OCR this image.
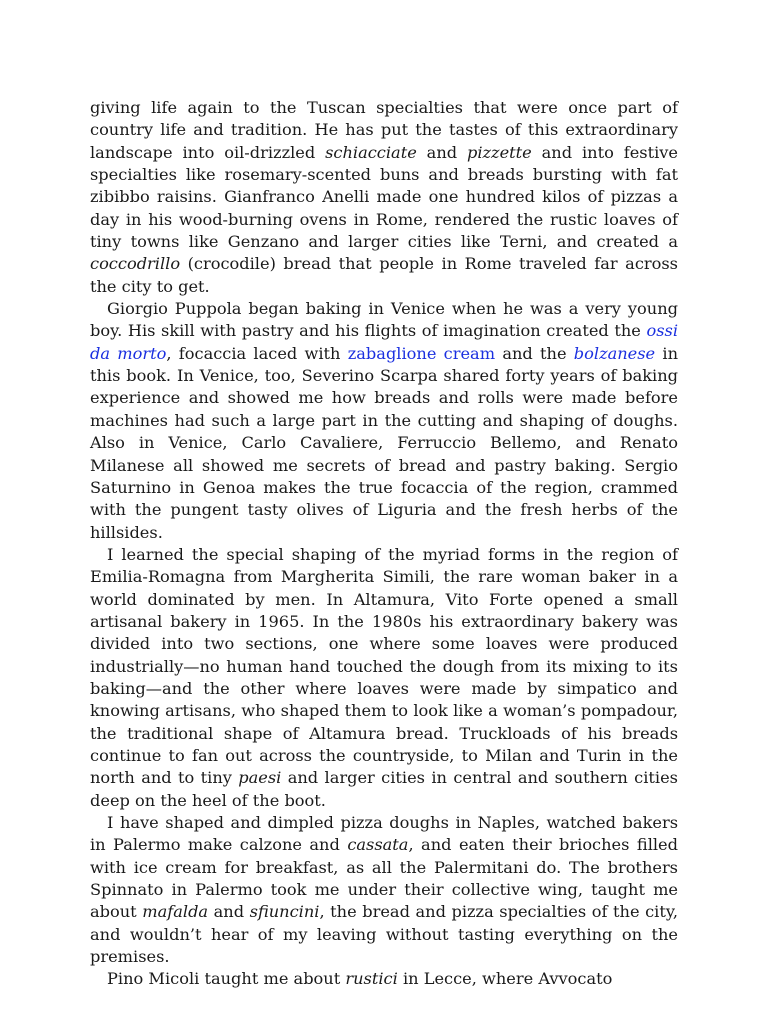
giving life again to the Tuscan specialties that were once part of country life and tradition. He has put the tastes of this extraordinary landscape into oil-drizzled schiacciate and pizzette and into festive specialties like rosemary-scented buns and breads bursting with fat zibibbo raisins. Gianfranco Anelli made one hundred kilos of pizzas a day in his wood-burning ovens in Rome, rendered the rustic loaves of tiny towns like Genzano and larger cities like Terni, and created a coccodrillo (crocodile) bread that people in Rome traveled far across the city to get.

Giorgio Puppola began baking in Venice when he was a very young boy. His skill with pastry and his flights of imagination created the ossi da morto, focaccia laced with zabaglione cream and the bolzanese in this book. In Venice, too, Severino Scarpa shared forty years of baking experience and showed me how breads and rolls were made before machines had such a large part in the cutting and shaping of doughs. Also in Venice, Carlo Cavaliere, Ferruccio Bellemo, and Renato Milanese all showed me secrets of bread and pastry baking. Sergio Saturnino in Genoa makes the true focaccia of the region, crammed with the pungent tasty olives of Liguria and the fresh herbs of the hillsides.

I learned the special shaping of the myriad forms in the region of Emilia-Romagna from Margherita Simili, the rare woman baker in a world dominated by men. In Altamura, Vito Forte opened a small artisanal bakery in 1965. In the 1980s his extraordinary bakery was divided into two sections, one where some loaves were produced industrially—no human hand touched the dough from its mixing to its baking—and the other where loaves were made by simpatico and knowing artisans, who shaped them to look like a woman’s pompadour, the traditional shape of Altamura bread. Truckloads of his breads continue to fan out across the countryside, to Milan and Turin in the north and to tiny paesi and larger cities in central and southern cities deep on the heel of the boot.

I have shaped and dimpled pizza doughs in Naples, watched bakers in Palermo make calzone and cassata, and eaten their brioches filled with ice cream for breakfast, as all the Palermitani do. The brothers Spinnato in Palermo took me under their collective wing, taught me about mafalda and sfiuncini, the bread and pizza specialties of the city, and wouldn’t hear of my leaving without tasting everything on the premises.

Pino Micoli taught me about rustici in Lecce, where Avvocato
